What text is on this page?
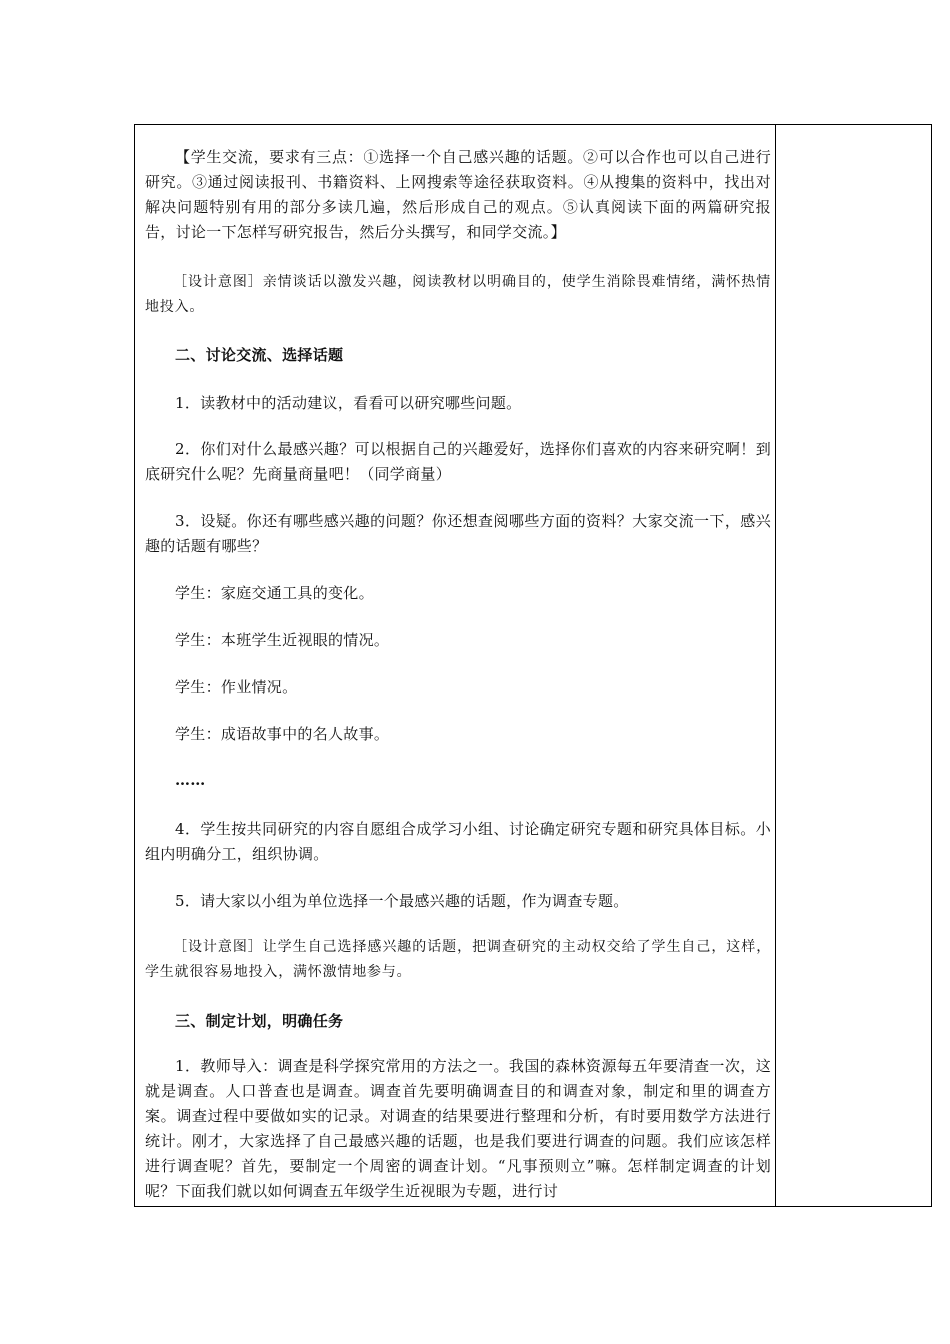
【学生交流，要求有三点：①选择一个自己感兴趣的话题。②可以合作也可以自己进行研究。③通过阅读报刊、书籍资料、上网搜索等途径获取资料。④从搜集的资料中，找出对解决问题特别有用的部分多读几遍，然后形成自己的观点。⑤认真阅读下面的两篇研究报告，讨论一下怎样写研究报告，然后分头撰写，和同学交流。】

［设计意图］亲情谈话以激发兴趣，阅读教材以明确目的，使学生消除畏难情绪，满怀热情地投入。

二、讨论交流、选择话题

1．读教材中的活动建议，看看可以研究哪些问题。

2．你们对什么最感兴趣？可以根据自己的兴趣爱好，选择你们喜欢的内容来研究啊！到底研究什么呢？先商量商量吧！（同学商量）

3．设疑。你还有哪些感兴趣的问题？你还想查阅哪些方面的资料？大家交流一下，感兴趣的话题有哪些？

学生：家庭交通工具的变化。

学生：本班学生近视眼的情况。

学生：作业情况。

学生：成语故事中的名人故事。

……

4．学生按共同研究的内容自愿组合成学习小组、讨论确定研究专题和研究具体目标。小组内明确分工，组织协调。

5．请大家以小组为单位选择一个最感兴趣的话题，作为调查专题。

［设计意图］让学生自己选择感兴趣的话题，把调查研究的主动权交给了学生自己，这样，学生就很容易地投入，满怀激情地参与。

三、制定计划，明确任务

1．教师导入：调查是科学探究常用的方法之一。我国的森林资源每五年要清查一次，这就是调查。人口普查也是调查。调查首先要明确调查目的和调查对象，制定和里的调查方案。调查过程中要做如实的记录。对调查的结果要进行整理和分析，有时要用数学方法进行统计。刚才，大家选择了自己最感兴趣的话题，也是我们要进行调查的问题。我们应该怎样进行调查呢？首先，要制定一个周密的调查计划。“凡事预则立”嘛。怎样制定调查的计划呢？下面我们就以如何调查五年级学生近视眼为专题，进行讨
